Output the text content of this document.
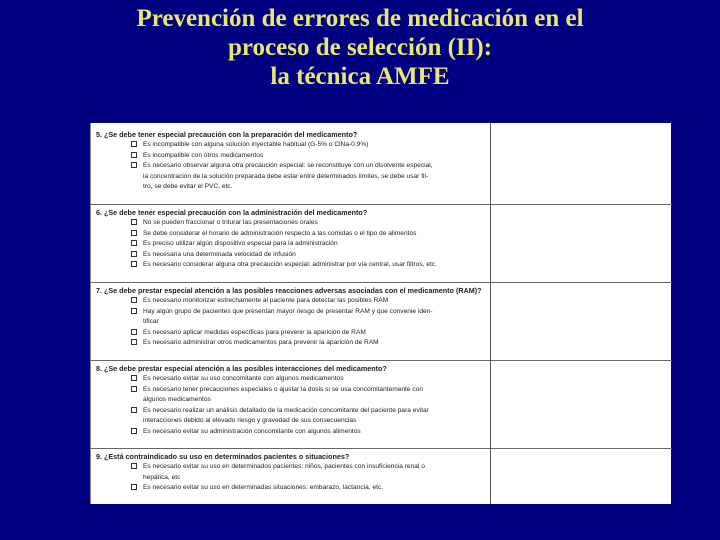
Prevención de errores de medicación en el
proceso de selección (II):
la técnica AMFE
5. ¿Se debe tener especial precaución con la preparación del medicamento?
Es incompatible con alguna solución inyectable habitual (G-5% o ClNa-0,9%)
Es incompatible con otros medicamentos
Es necesario observar alguna otra precaución especial: se reconstituye con un disolvente especial,
la concentración de la solución preparada debe estar entre determinados límites, se debe usar fil-
tro, se debe evitar el PVC, etc.
6. ¿Se debe tener especial precaución con la administración del medicamento?
No se pueden fraccionar o triturar las presentaciones orales
Se debe considerar el horario de administración respecto a las comidas o el tipo de alimentos
Es preciso utilizar algún dispositivo especial para la administración
Es necesaria una determinada velocidad de infusión
Es necesario considerar alguna otra precaución especial: administrar por vía central, usar filtros, etc.
7. ¿Se debe prestar especial atención a las posibles reacciones adversas asociadas con el medicamento (RAM)?
Es necesario monitorizar estrechamente al paciente para detectar las posibles RAM
Hay algún grupo de pacientes que presentan mayor riesgo de presentar RAM y que convenie iden-
tificar
Es necesario aplicar medidas específicas para prevenir la aparición de RAM
Es necesario administrar otros medicamentos para prevenir la aparición de RAM
8. ¿Se debe prestar especial atención a las posibles interacciones del medicamento?
Es necesario evitar su uso concomitante con algunos medicamentos
Es necesario tener precauciones especiales o ajustar la dosis si se usa concomitantemente con
algunos medicamentos
Es necesario realizar un análisis detallado de la medicación concomitante del paciente para evitar
interacciones debido al elevado riesgo y gravedad de sus consecuencias
Es necesario evitar su administración concomitante con algunos alimentos
9. ¿Está contraindicado su uso en determinados pacientes o situaciones?
Es necesario evitar su uso en determinados pacientes: niños, pacientes con insuficiencia renal o
hepática, etc
Es necesario evitar su uso en determinadas situaciones: embarazo, lactancia, etc.
